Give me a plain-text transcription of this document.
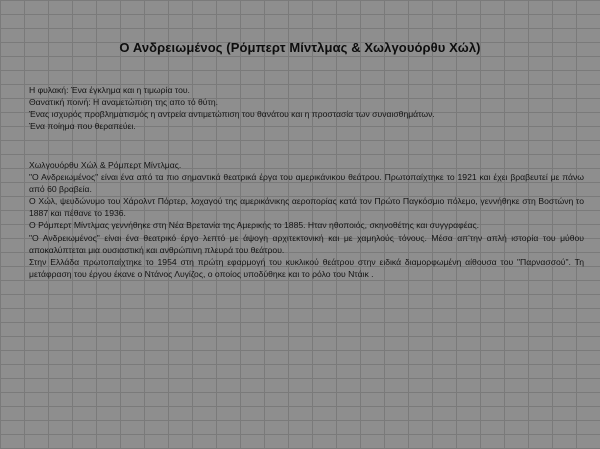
Ο Ανδρειωμένος (Ρόμπερτ Μίντλμας & Χωλγουόρθυ Χώλ)

Η φυλακή: Ένα έγκλημα και η τιμωρία του.

Θανατική ποινή: Η αναμετώπιση της απο τό θύτη.

Ένας ισχυρός προβληματισμός η αντρεία αντιμετώπιση του θανάτου και η προστασία των συναισθημάτων.

Ένα ποίημα που θεραπεύει.

Χωλγουόρθυ Χώλ & Ρόμπερτ Μίντλμας.

"Ο Ανδρειωμένος" είναι ένα από τα πιο σημαντικά θεατρικά έργα του αμερικάνικου θεάτρου. Πρωτοπαίχτηκε το 1921 και έχει βραβευτεί με πάνω από 60 βραβεία.

Ο Χώλ, ψευδώνυμο του Χάρολντ Πόρτερ, λοχαγού της αμερικάνικης αεροπορίας κατά τον Πρώτο Παγκόσμιο πόλεμο, γεννήθηκε στη Βοστώνη το 1887 και πέθανε το 1936.

Ο Ρόμπερτ Μίντλμας γεννήθηκε στη Νέα Βρετανία της Αμερικής το 1885. Ηταν ηθοποιός, σκηνοθέτης και συγγραφέας.

"Ο Ανδρειωμένος" είναι ένα θεατρικό έργο λεπτό με άψογη αρχιτεκτονική και με χαμηλούς τόνους. Μέσα απ'την απλή ιστορία του μύθου αποκαλύπτεται μια ουσιαστική και ανθρώπινη πλευρά του θεάτρου.

Στην Ελλάδα πρωτοπαίχτηκε το 1954 στη πρώτη εφαρμογή του κυκλικού θεάτρου στην ειδικά διαμορφωμένη αίθουσα του "Παρνασσού". Τη μετάφραση του έργου έκανε ο Ντάνος Λυγίζος, ο οποίος υποδύθηκε και το ρόλο του Ντάικ .
